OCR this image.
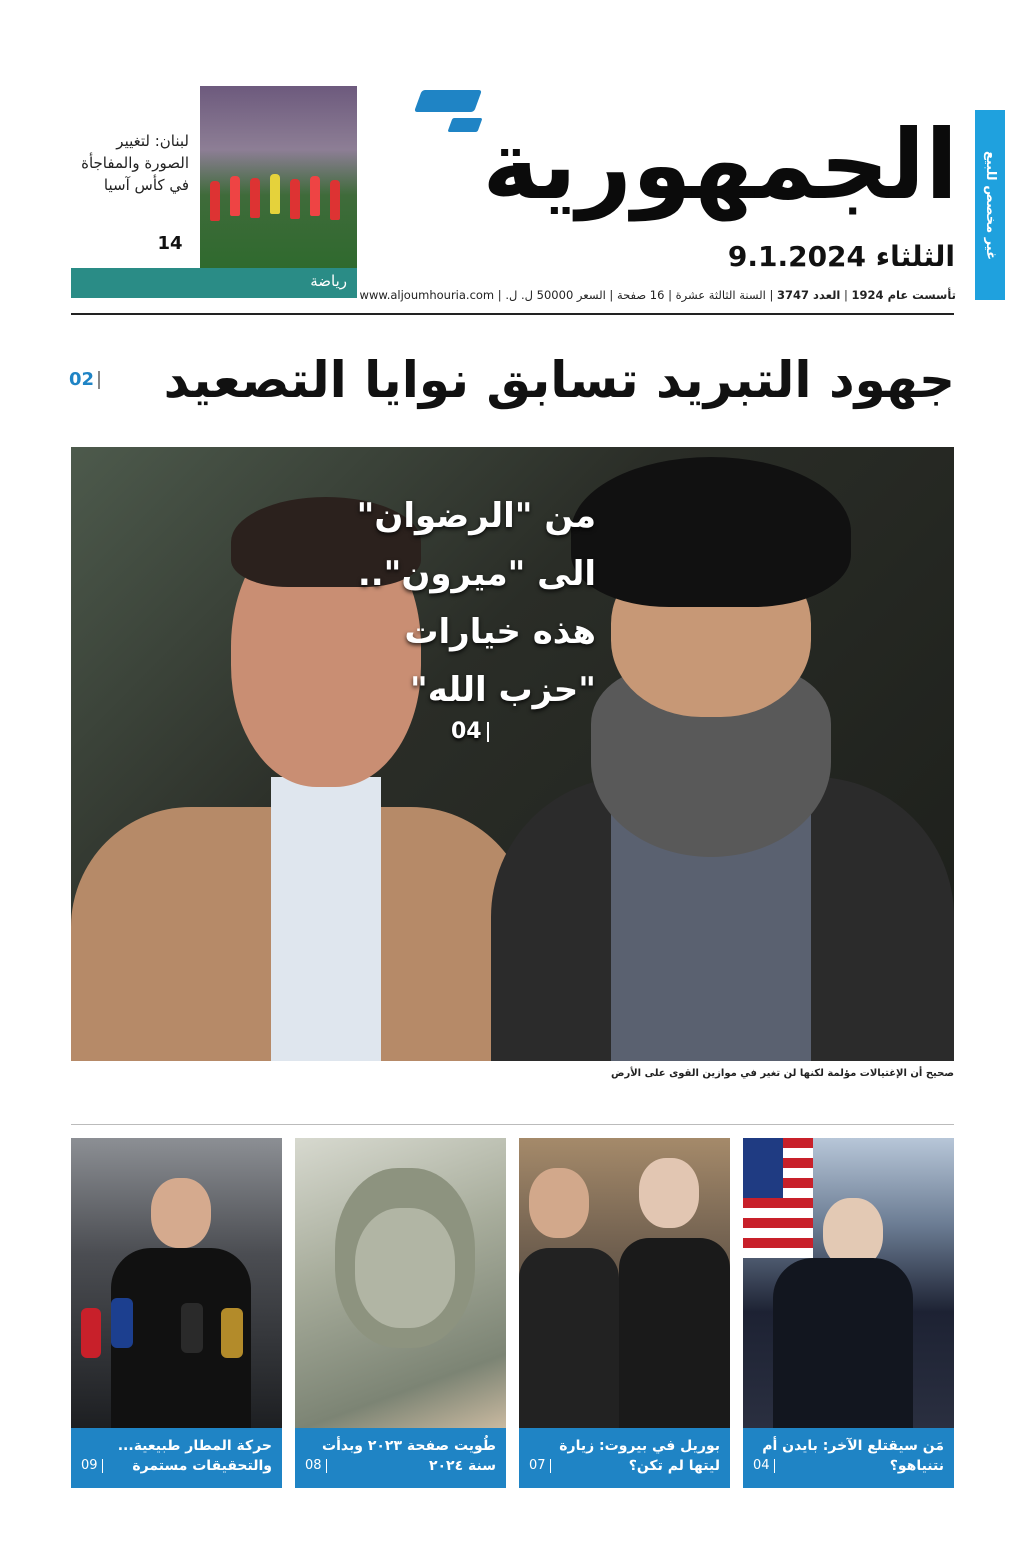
لبنان: لتغيير الصورة والمفاجأة في كأس آسيا
14
رياضة
الجمهورية
الثلثاء 9.1.2024
تأسست عام 1924 | العدد 3747 | السنة الثالثة عشرة | 16 صفحة | السعر 50000 ل. ل. | www.aljoumhouria.com
غير مخصص للبيع
جهود التبريد تسابق نوايا التصعيد
02
من "الرضوان" الى "ميرون".. هذه خيارات "حزب الله"
04
صحيح أن الإغتيالات مؤلمة لكنها لن تغير في موازين القوى على الأرض
مَن سيقتلع الآخر: بايدن أم نتنياهو؟
04
بوريل في بيروت: زيارة ليتها لم تكن؟
07
طُويت صفحة ٢٠٢٣ وبدأت سنة ٢٠٢٤
08
حركة المطار طبيعية... والتحقيقات مستمرة
09
